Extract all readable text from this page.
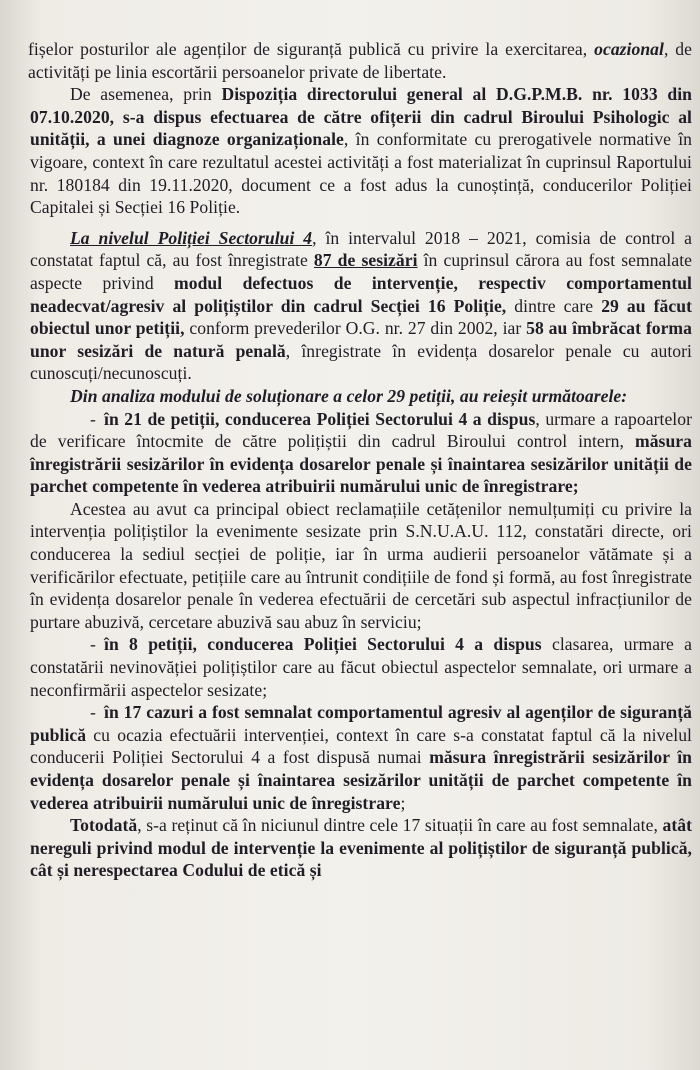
fișelor posturilor ale agenților de siguranță publică cu privire la exercitarea, ocazional, de activități pe linia escortării persoanelor private de libertate.

De asemenea, prin Dispoziția directorului general al D.G.P.M.B. nr. 1033 din 07.10.2020, s-a dispus efectuarea de către ofițerii din cadrul Biroului Psihologic al unității, a unei diagnoze organizaționale, în conformitate cu prerogativele normative în vigoare, context în care rezultatul acestei activități a fost materializat în cuprinsul Raportului nr. 180184 din 19.11.2020, document ce a fost adus la cunoștință, conducerilor Poliției Capitalei și Secției 16 Poliție.

La nivelul Poliției Sectorului 4, în intervalul 2018 – 2021, comisia de control a constatat faptul că, au fost înregistrate 87 de sesizări în cuprinsul cărora au fost semnalate aspecte privind modul defectuos de intervenție, respectiv comportamentul neadecvat/agresiv al polițiștilor din cadrul Secției 16 Poliție, dintre care 29 au făcut obiectul unor petiții, conform prevederilor O.G. nr. 27 din 2002, iar 58 au îmbrăcat forma unor sesizări de natură penală, înregistrate în evidența dosarelor penale cu autori cunoscuți/necunoscuți.

Din analiza modului de soluționare a celor 29 petiții, au reieșit următoarele:

- în 21 de petiții, conducerea Poliției Sectorului 4 a dispus, urmare a rapoartelor de verificare întocmite de către polițiștii din cadrul Biroului control intern, măsura înregistrării sesizărilor în evidența dosarelor penale și înaintarea sesizărilor unității de parchet competente în vederea atribuirii numărului unic de înregistrare;

Acestea au avut ca principal obiect reclamațiile cetățenilor nemulțumiți cu privire la intervenția polițiștilor la evenimente sesizate prin S.N.U.A.U. 112, constatări directe, ori conducerea la sediul secției de poliție, iar în urma audierii persoanelor vătămate și a verificărilor efectuate, petițiile care au întrunit condițiile de fond și formă, au fost înregistrate în evidența dosarelor penale în vederea efectuării de cercetări sub aspectul infracțiunilor de purtare abuzivă, cercetare abuzivă sau abuz în serviciu;

- în 8 petiții, conducerea Poliției Sectorului 4 a dispus clasarea, urmare a constatării nevinovăției polițiștilor care au făcut obiectul aspectelor semnalate, ori urmare a neconfirmării aspectelor sesizate;

- în 17 cazuri a fost semnalat comportamentul agresiv al agenților de siguranță publică cu ocazia efectuării intervenției, context în care s-a constatat faptul că la nivelul conducerii Poliției Sectorului 4 a fost dispusă numai măsura înregistrării sesizărilor în evidența dosarelor penale și înaintarea sesizărilor unității de parchet competente în vederea atribuirii numărului unic de înregistrare;

Totodată, s-a reținut că în niciunul dintre cele 17 situații în care au fost semnalate, atât nereguli privind modul de intervenție la evenimente al polițiștilor de siguranță publică, cât și nerespectarea Codului de etică și
